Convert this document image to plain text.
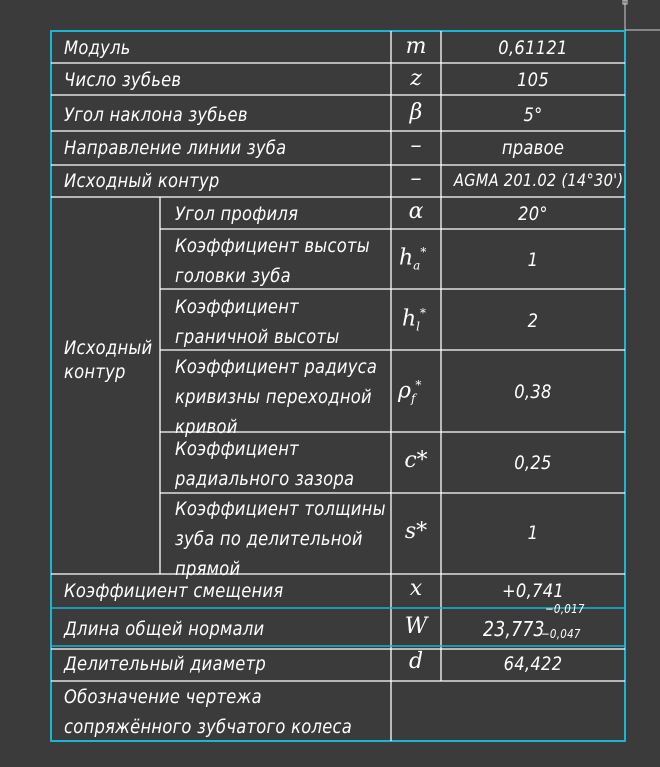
Модуль	m	0,61121
Число зубьев	z	105
Угол наклона зубьев	β	5°
Направление линии зуба	–	правое
Исходный контур	–	AGMA 201.02 (14°30')
Исходный
контур
Угол профиля	α	20°
Коэффициент высоты
головки зуба
$h_a^*$	1
Коэффициент
граничной высоты
$h_l^*$	2
Коэффициент радиуса
кривизны переходной
кривой
$\rho_f^*$	0,38
Коэффициент
радиального зазора
c*	0,25
Коэффициент толщины
зуба по делительной
прямой
s*	1
Коэффициент смещения	x	+0,741
Длина общей нормали	W	23,773
−0,017
−0,047
Делительный диаметр	d	64,422
Обозначение чертежа
сопряжённого зубчатого колеса
